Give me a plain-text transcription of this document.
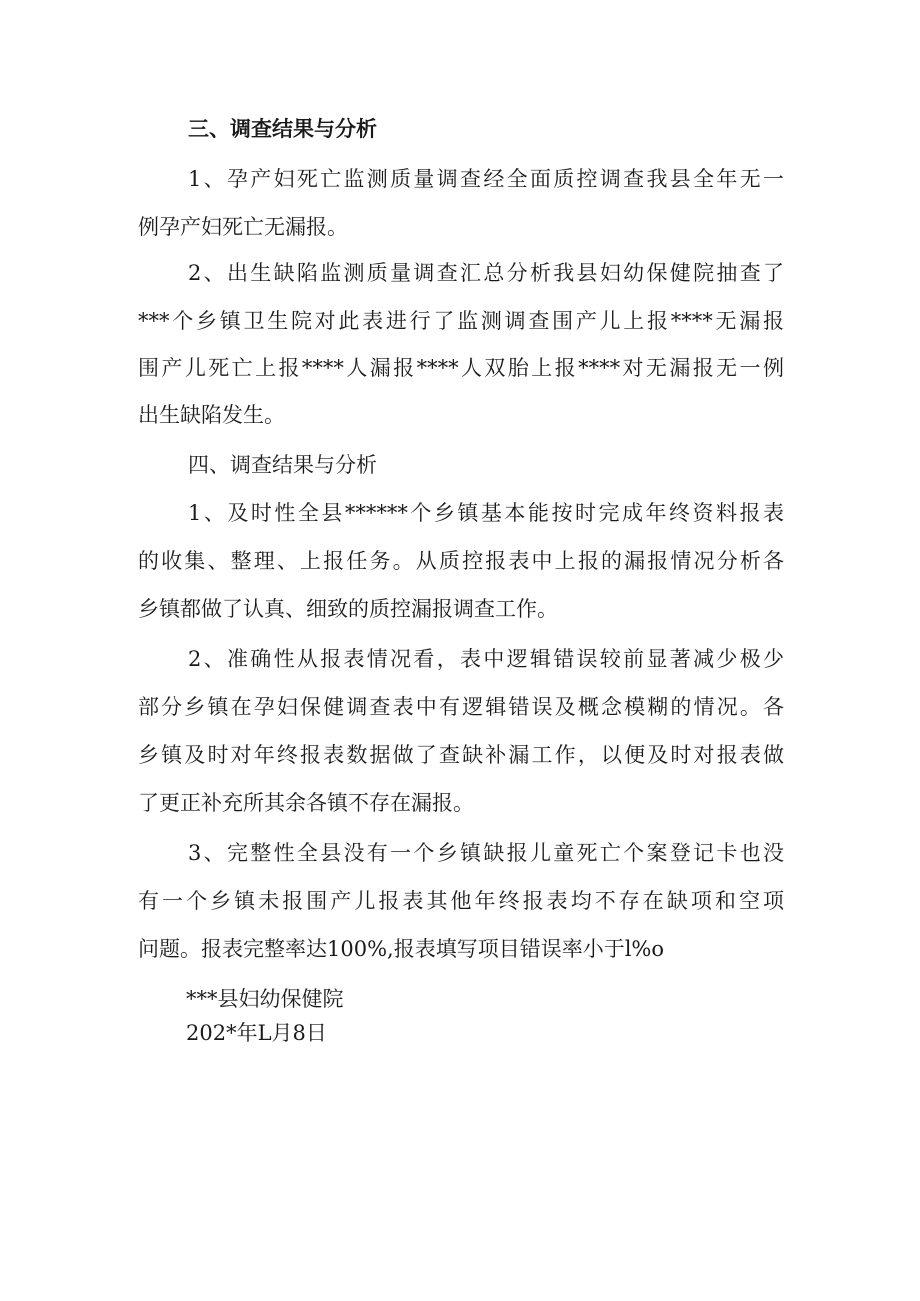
三、调查结果与分析
1、孕产妇死亡监测质量调查经全面质控调查我县全年无一
例孕产妇死亡无漏报。
2、出生缺陷监测质量调查汇总分析我县妇幼保健院抽查了
***个乡镇卫生院对此表进行了监测调查围产儿上报****无漏报
围产儿死亡上报****人漏报****人双胎上报****对无漏报无一例
出生缺陷发生。
四、调查结果与分析
1、及时性全县******个乡镇基本能按时完成年终资料报表
的收集、整理、上报任务。从质控报表中上报的漏报情况分析各
乡镇都做了认真、细致的质控漏报调查工作。
2、准确性从报表情况看，表中逻辑错误较前显著减少极少
部分乡镇在孕妇保健调查表中有逻辑错误及概念模糊的情况。各
乡镇及时对年终报表数据做了查缺补漏工作，以便及时对报表做
了更正补充所其余各镇不存在漏报。
3、完整性全县没有一个乡镇缺报儿童死亡个案登记卡也没
有一个乡镇未报围产儿报表其他年终报表均不存在缺项和空项
问题。报表完整率达100%,报表填写项目错误率小于l%o
***县妇幼保健院
202*年L月8日
